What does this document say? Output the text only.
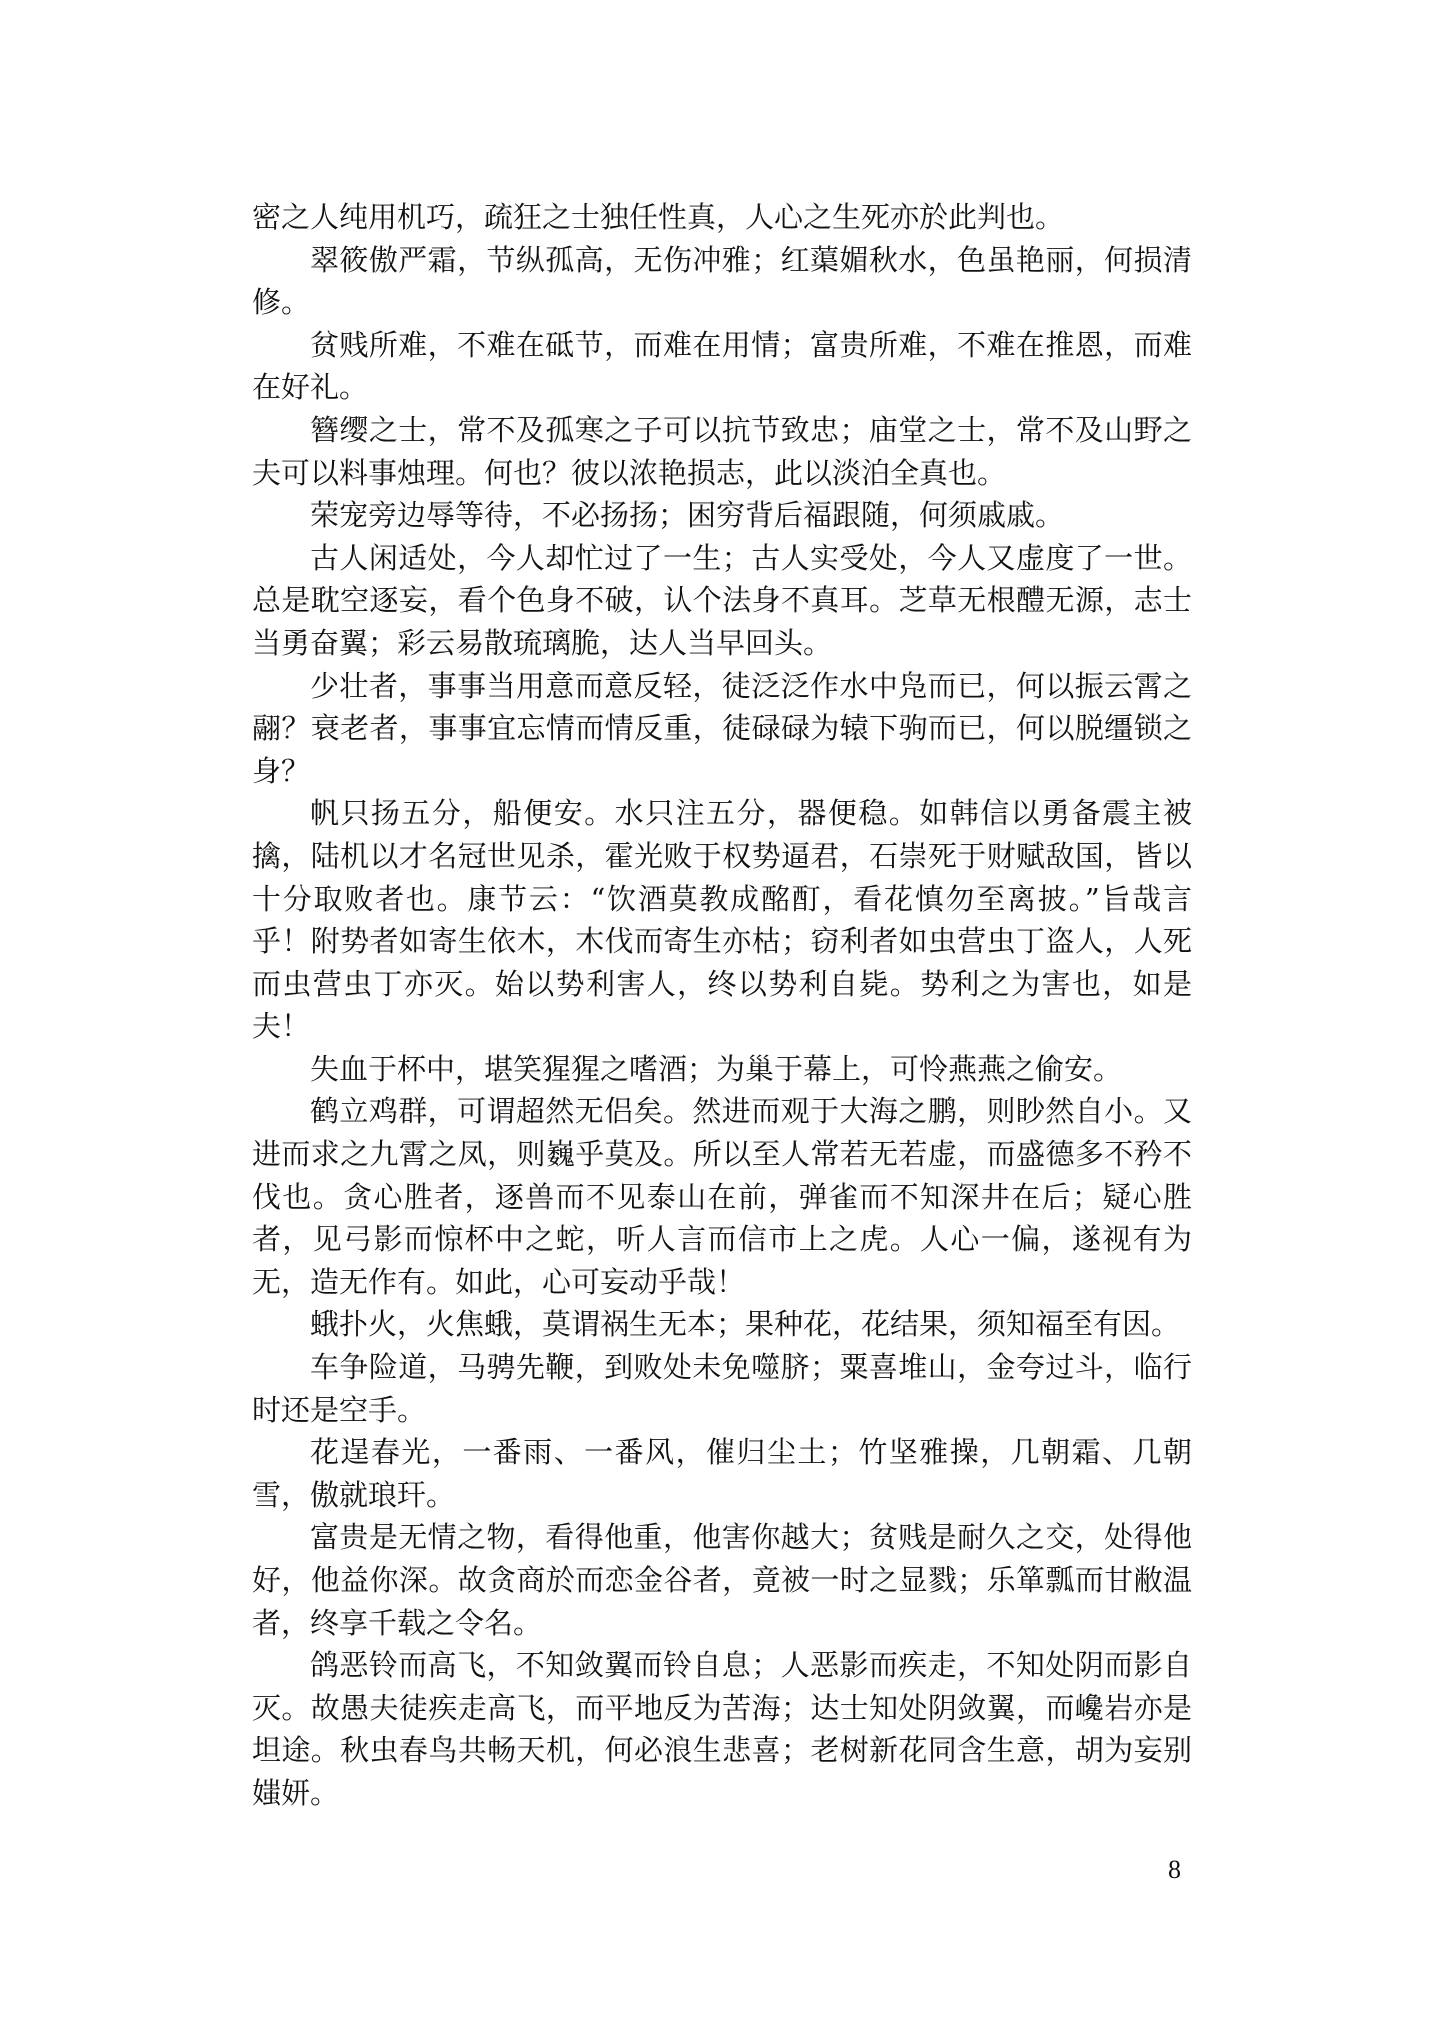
密之人纯用机巧，疏狂之士独任性真，人心之生死亦於此判也。

翠筱傲严霜，节纵孤高，无伤冲雅；红蕖媚秋水，色虽艳丽，何损清修。

贫贱所难，不难在砥节，而难在用情；富贵所难，不难在推恩，而难在好礼。

簪缨之士，常不及孤寒之子可以抗节致忠；庙堂之士，常不及山野之夫可以料事烛理。何也？彼以浓艳损志，此以淡泊全真也。

荣宠旁边辱等待，不必扬扬；困穷背后福跟随，何须戚戚。

古人闲适处，今人却忙过了一生；古人实受处，今人又虚度了一世。总是耽空逐妄，看个色身不破，认个法身不真耳。芝草无根醴无源，志士当勇奋翼；彩云易散琉璃脆，达人当早回头。

少壮者，事事当用意而意反轻，徒泛泛作水中凫而已，何以振云霄之翮？衰老者，事事宜忘情而情反重，徒碌碌为辕下驹而已，何以脱缰锁之身？

帆只扬五分，船便安。水只注五分，器便稳。如韩信以勇备震主被擒，陆机以才名冠世见杀，霍光败于权势逼君，石崇死于财赋敌国，皆以十分取败者也。康节云：“饮酒莫教成酩酊，看花慎勿至离披。”旨哉言乎！附势者如寄生依木，木伐而寄生亦枯；窃利者如虫营虫丁盗人，人死而虫营虫丁亦灭。始以势利害人，终以势利自毙。势利之为害也，如是夫！

失血于杯中，堪笑猩猩之嗜酒；为巢于幕上，可怜燕燕之偷安。

鹤立鸡群，可谓超然无侣矣。然进而观于大海之鹏，则眇然自小。又进而求之九霄之凤，则巍乎莫及。所以至人常若无若虚，而盛德多不矜不伐也。贪心胜者，逐兽而不见泰山在前，弹雀而不知深井在后；疑心胜者，见弓影而惊杯中之蛇，听人言而信市上之虎。人心一偏，遂视有为无，造无作有。如此，心可妄动乎哉！

蛾扑火，火焦蛾，莫谓祸生无本；果种花，花结果，须知福至有因。

车争险道，马骋先鞭，到败处未免噬脐；粟喜堆山，金夸过斗，临行时还是空手。

花逞春光，一番雨、一番风，催归尘土；竹坚雅操，几朝霜、几朝雪，傲就琅玕。

富贵是无情之物，看得他重，他害你越大；贫贱是耐久之交，处得他好，他益你深。故贪商於而恋金谷者，竟被一时之显戮；乐箪瓢而甘敝温者，终享千载之令名。

鸽恶铃而高飞，不知敛翼而铃自息；人恶影而疾走，不知处阴而影自灭。故愚夫徒疾走高飞，而平地反为苦海；达士知处阴敛翼，而巉岩亦是坦途。秋虫春鸟共畅天机，何必浪生悲喜；老树新花同含生意，胡为妄别媸妍。

8
